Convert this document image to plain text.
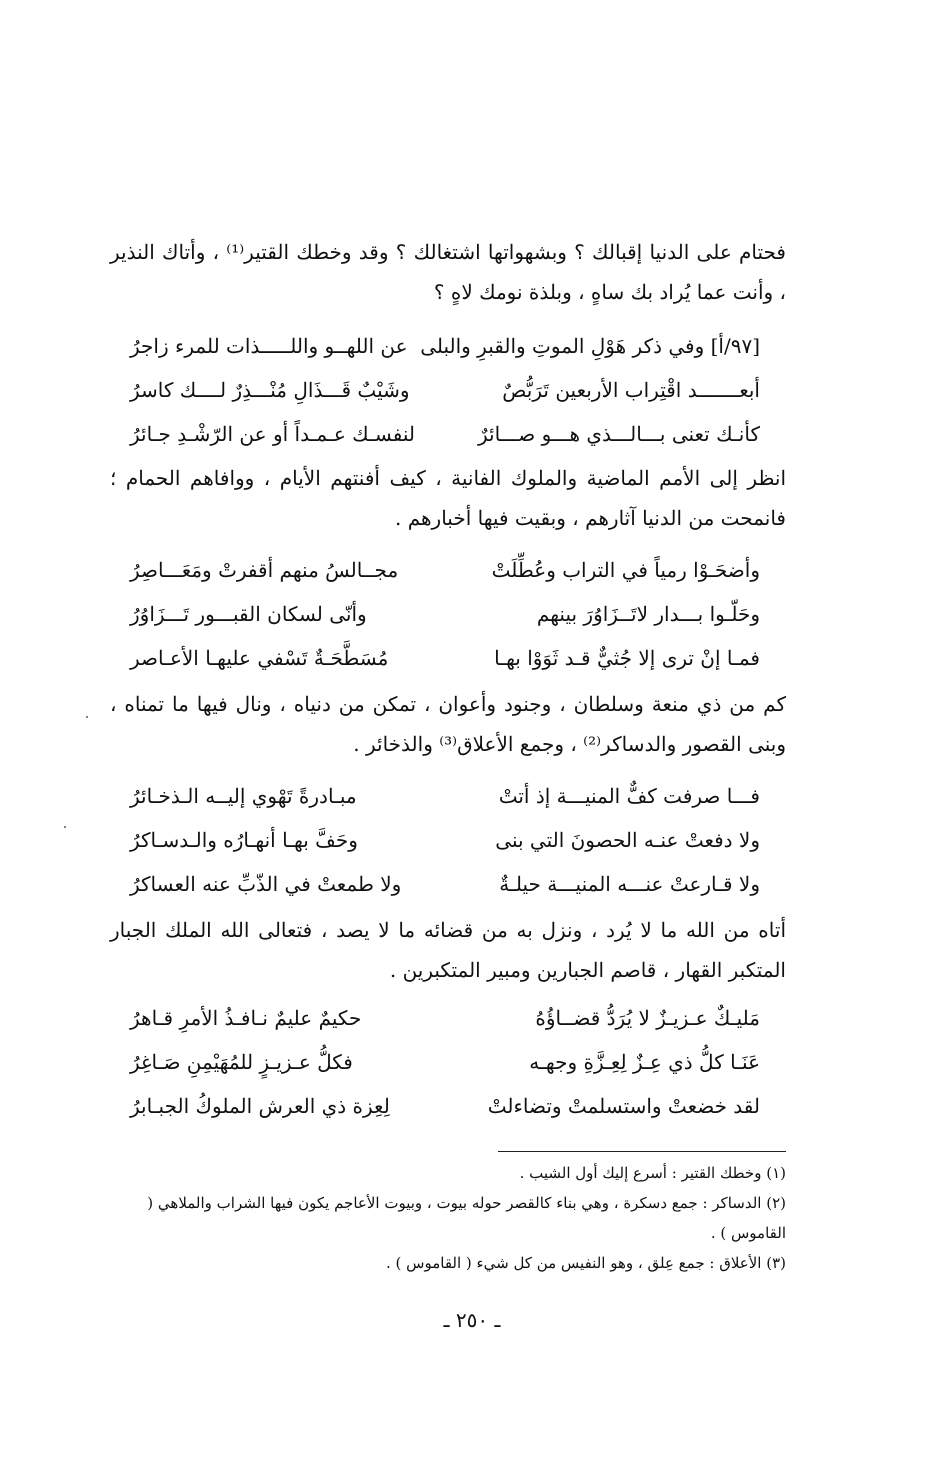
فحتام على الدنيا إقبالك ؟ وبشهواتها اشتغالك ؟ وقد وخطك القتير⁽¹⁾ ، وأتاك النذير ، وأنت عما يُراد بك ساهٍ ، وبلذة نومك لاهٍ ؟

[٩٧/أ] وفي ذكر هَوْلِ الموتِ والقبرِ والبلى
عن اللهــو واللـــــذات للمرء زاجرُ
أبعـــــــد اقْتِراب الأربعين تَرَبُّصٌ
وشَيْبٌ قَـــذَالِ مُنْـــذِرٌ لــــك كاسرُ
كأنـك تعنى بـــالـــذي هـــو صـــائرٌ
لنفسـك عـمـداً أو عن الرّشْـدِ جـائرُ

انظر إلى الأمم الماضية والملوك الفانية ، كيف أفنتهم الأيام ، ووافاهم الحمام ؛ فانمحت من الدنيا آثارهم ، وبقيت فيها أخبارهم .

وأضحَـوْا رمياً في التراب وعُطِّلَتْ
مجــالسُ منهم أقفرتْ ومَعَـــاصِرُ
وحَلّـوا بـــدار لاتَــزَاوُرَ بينهم
وأنّى لسكان القبـــور تَـــزَاوُرُ
فمـا إنْ ترى إلا جُثيٌّ قـد ثَوَوْا بهـا
مُسَطَّحَـةٌ تَسْفي عليهـا الأعـاصر

كم من ذي منعة وسلطان ، وجنود وأعوان ، تمكن من دنياه ، ونال فيها ما تمناه ، وبنى القصور والدساكر⁽²⁾ ، وجمع الأعلاق⁽³⁾ والذخائر .

فـــا صرفت كفٌّ المنيـــة إذ أتتْ
مبـادرةً تَهْوي إليــه الـذخـائرُ
ولا دفعتْ عنـه الحصونَ التي بنى
وحَفَّ بهـا أنهـارُه والـدسـاكرُ
ولا قـارعتْ عنـــه المنيـــة حيلـةٌ
ولا طمعتْ في الذّبِّ عنه العساكرُ

أتاه من الله ما لا يُرد ، ونزل به من قضائه ما لا يصد ، فتعالى الله الملك الجبار المتكبر القهار ، قاصم الجبارين ومبير المتكبرين .

مَليـكٌ عـزيـزٌ لا يُرَدُّ قضــاؤُهُ
حكيمٌ عليمٌ نـافـذُ الأمرِ قـاهرُ
عَنَـا كلُّ ذي عِـزٌ لِعِـزَّةِ وجهـه
فكلُّ عـزيـزٍ للمُهَيْمِنِ صَـاغِرُ
لقد خضعتْ واستسلمتْ وتضاءلتْ
لِعِزة ذي العرش الملوكُ الجبـابرُ

(١) وخطك القتير : أسرع إليك أول الشيب .

(٢) الدساكر : جمع دسكرة ، وهي بناء كالقصر حوله بيوت ، وبيوت الأعاجم يكون فيها الشراب والملاهي ( القاموس ) .

(٣) الأعلاق : جمع عِلق ، وهو النفيس من كل شيء ( القاموس ) .

ـ ٢٥٠ ـ
